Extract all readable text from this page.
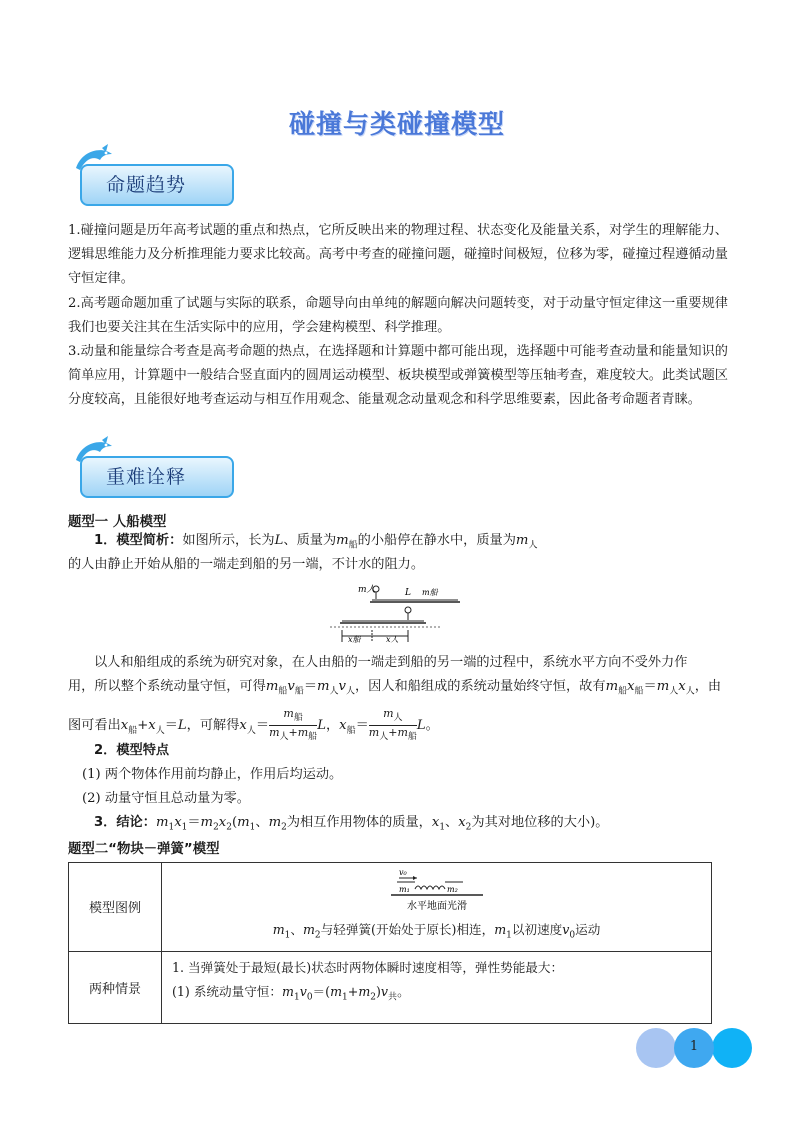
碰撞与类碰撞模型
命题趋势
1.碰撞问题是历年高考试题的重点和热点，它所反映出来的物理过程、状态变化及能量关系，对学生的理解能力、逻辑思维能力及分析推理能力要求比较高。高考中考查的碰撞问题，碰撞时间极短，位移为零，碰撞过程遵循动量守恒定律。
2.高考题命题加重了试题与实际的联系，命题导向由单纯的解题向解决问题转变，对于动量守恒定律这一重要规律我们也要关注其在生活实际中的应用，学会建构模型、科学推理。
3.动量和能量综合考查是高考命题的热点，在选择题和计算题中都可能出现，选择题中可能考查动量和能量知识的简单应用，计算题中一般结合竖直面内的圆周运动模型、板块模型或弹簧模型等压轴考查，难度较大。此类试题区分度较高，且能很好地考查运动与相互作用观念、能量观念动量观念和科学思维要素，因此备考命题者青睐。
重难诠释
题型一 人船模型
1．模型简析：如图所示，长为L、质量为$m_船$的小船停在静水中，质量为$m_人$
的人由静止开始从船的一端走到船的另一端，不计水的阻力。
m人	L m船
x船	x人
以人和船组成的系统为研究对象，在人由船的一端走到船的另一端的过程中，系统水平方向不受外力作
用，所以整个系统动量守恒，可得$m_船v_船=m_人v_人$，因人和船组成的系统动量始终守恒，故有$m_船x_船=m_人x_人$，由
图可看出$x_船+x_人=L$，可解得$x_人=$
$m_船$
$m_人+m_船$
L，$x_船=$
$m_人$
$m_人+m_船$
L。
2．模型特点
(1) 两个物体作用前均静止，作用后均运动。
(2) 动量守恒且总动量为零。
3．结论：$m_1x_1=m_2x_2(m_1$、$m_2$为相互作用物体的质量，$x_1$、$x_2$为其对地位移的大小)。
题型二“物块－弹簧”模型
模型图例	v₀
m₁ m₂
水平地面光滑
$m_1$、$m_2$与轻弹簧(开始处于原长)相连，$m_1$以初速度$v_0$运动

两种情景	1. 当弹簧处于最短(最长)状态时两物体瞬时速度相等，弹性势能最大：
(1) 系统动量守恒：$m_1v_0=(m_1+m_2)v_共$。
1
